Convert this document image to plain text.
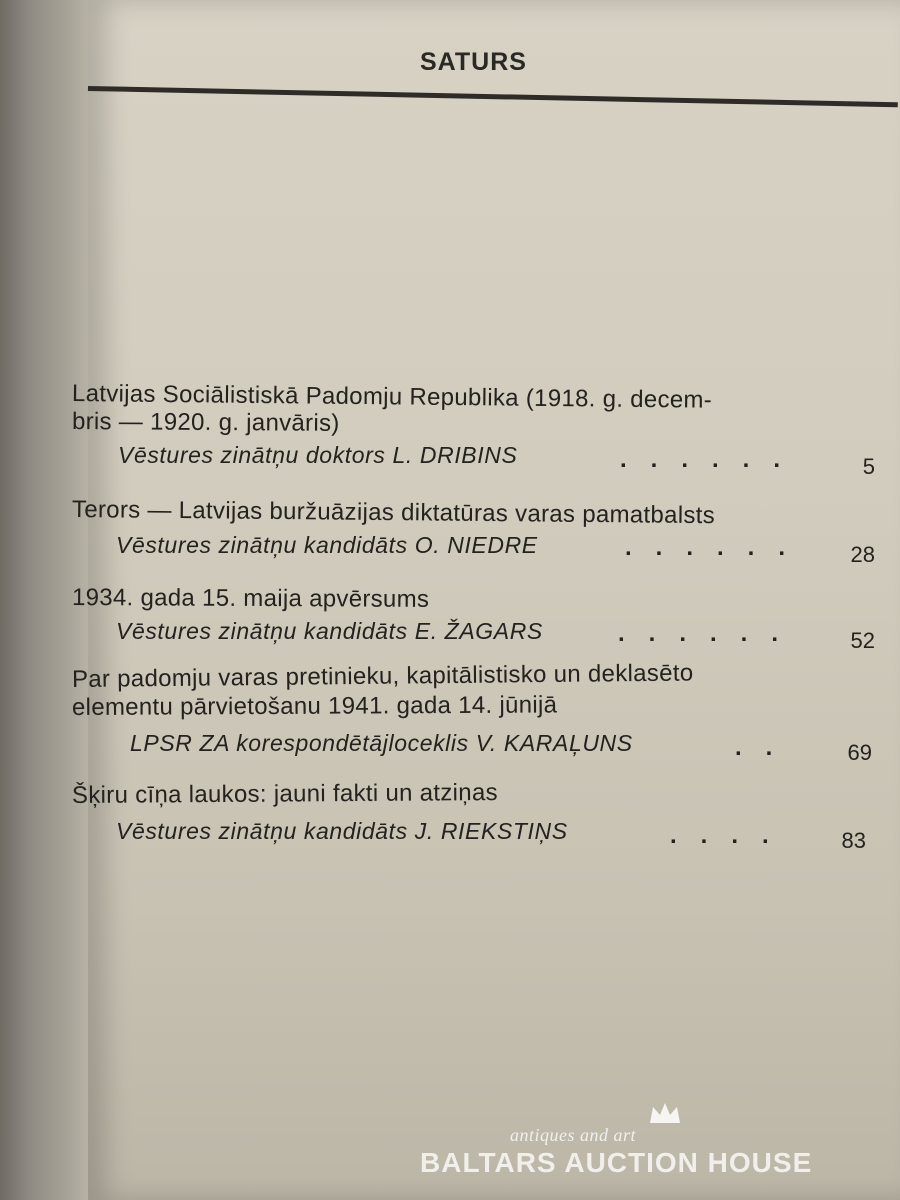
SATURS
Latvijas Sociālistiskā Padomju Republika (1918. g. decem-
bris — 1920. g. janvāris)
Vēstures zinātņu doktors L. DRIBINS	......	5
Terors — Latvijas buržuāzijas diktatūras varas pamatbalsts
Vēstures zinātņu kandidāts O. NIEDRE	......	28
1934. gada 15. maija apvērsums
Vēstures zinātņu kandidāts E. ŽAGARS	......	52
Par padomju varas pretinieku, kapitālistisko un deklasēto
elementu pārvietošanu 1941. gada 14. jūnijā
LPSR ZA korespondētājloceklis V. KARAĻUNS	..	69
Šķiru cīņa laukos: jauni fakti un atziņas
Vēstures zinātņu kandidāts J. RIEKSTIŅS	....	83
antiques and art
BALTARS AUCTION HOUSE
